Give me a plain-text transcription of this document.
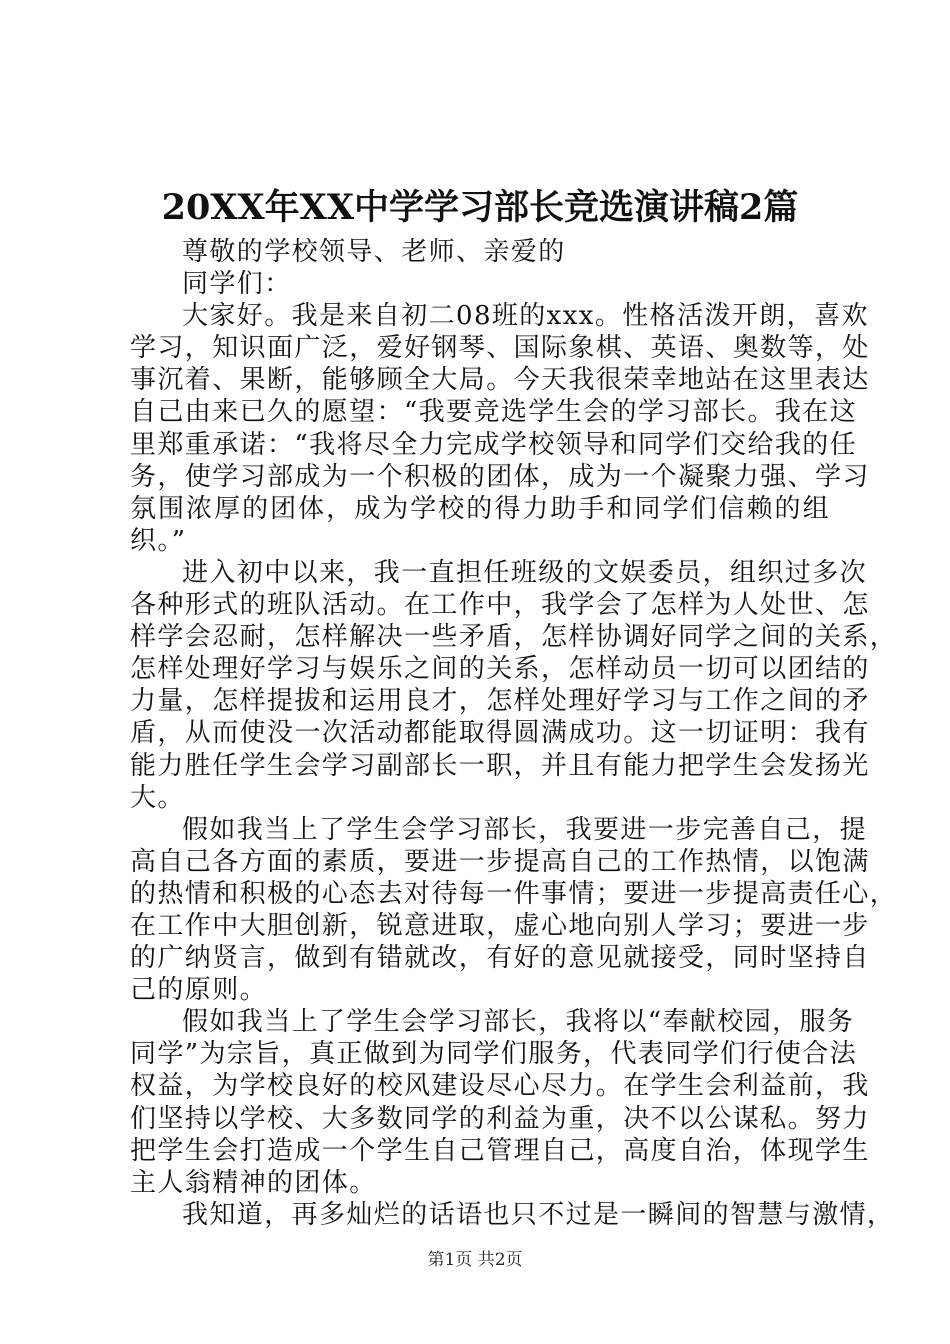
20XX年XX中学学习部长竞选演讲稿2篇
尊敬的学校领导、老师、亲爱的
同学们：
大家好。我是来自初二08班的xxx。性格活泼开朗，喜欢
学习，知识面广泛，爱好钢琴、国际象棋、英语、奥数等，处
事沉着、果断，能够顾全大局。今天我很荣幸地站在这里表达
自己由来已久的愿望：“我要竞选学生会的学习部长。我在这
里郑重承诺：“我将尽全力完成学校领导和同学们交给我的任
务，使学习部成为一个积极的团体，成为一个凝聚力强、学习
氛围浓厚的团体，成为学校的得力助手和同学们信赖的组
织。”
进入初中以来，我一直担任班级的文娱委员，组织过多次
各种形式的班队活动。在工作中，我学会了怎样为人处世、怎
样学会忍耐，怎样解决一些矛盾，怎样协调好同学之间的关系，
怎样处理好学习与娱乐之间的关系，怎样动员一切可以团结的
力量，怎样提拔和运用良才，怎样处理好学习与工作之间的矛
盾，从而使没一次活动都能取得圆满成功。这一切证明：我有
能力胜任学生会学习副部长一职，并且有能力把学生会发扬光
大。
假如我当上了学生会学习部长，我要进一步完善自己，提
高自己各方面的素质，要进一步提高自己的工作热情，以饱满
的热情和积极的心态去对待每一件事情；要进一步提高责任心，
在工作中大胆创新，锐意进取，虚心地向别人学习；要进一步
的广纳贤言，做到有错就改，有好的意见就接受，同时坚持自
己的原则。
假如我当上了学生会学习部长，我将以“奉献校园，服务
同学”为宗旨，真正做到为同学们服务，代表同学们行使合法
权益，为学校良好的校风建设尽心尽力。在学生会利益前，我
们坚持以学校、大多数同学的利益为重，决不以公谋私。努力
把学生会打造成一个学生自己管理自己，高度自治，体现学生
主人翁精神的团体。
我知道，再多灿烂的话语也只不过是一瞬间的智慧与激情，
第1页 共2页
